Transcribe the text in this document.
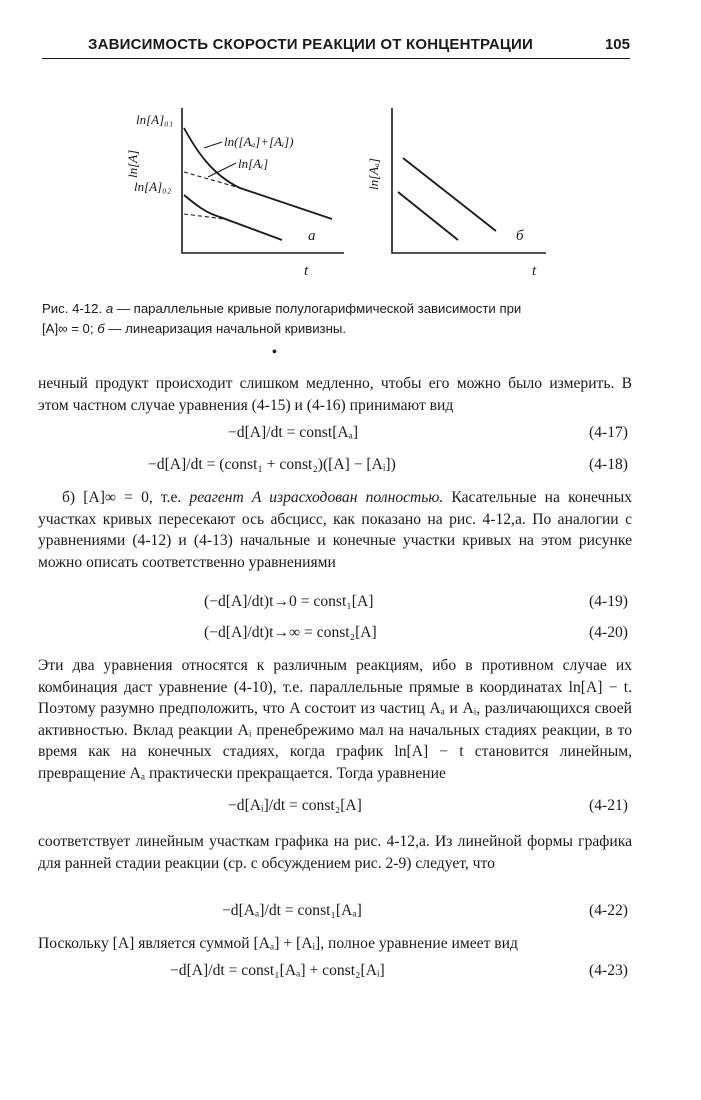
ЗАВИСИМОСТЬ СКОРОСТИ РЕАКЦИИ ОТ КОНЦЕНТРАЦИИ	105
ln[A]₀₁
ln[A]₀₂
ln[A]
ln([Aₐ]+[Aᵢ])
ln[Aᵢ]
а
t
ln[Aₐ]
б
t
Рис. 4-12. а — параллельные кривые полулогарифмической зависимости при
[A]∞ = 0; б — линеаризация начальной кривизны.
•
нечный продукт происходит слишком медленно, чтобы его можно было измерить. В этом частном случае уравнения (4-15) и (4-16) принимают вид
−d[A]/dt = const[Aₐ]	(4-17)
−d[A]/dt = (const₁ + const₂)([A] − [Aᵢ])	(4-18)
б) [A]∞ = 0, т.е. реагент A израсходован полностью. Касательные на конечных участках кривых пересекают ось абсцисс, как показано на рис. 4-12,а. По аналогии с уравнениями (4-12) и (4-13) начальные и конечные участки кривых на этом рисунке можно описать соответственно уравнениями
(−d[A]/dt)t→0 = const₁[A]	(4-19)
(−d[A]/dt)t→∞ = const₂[A]	(4-20)
Эти два уравнения относятся к различным реакциям, ибо в противном случае их комбинация даст уравнение (4-10), т.е. параллельные прямые в координатах ln[A] − t. Поэтому разумно предположить, что A состоит из частиц Aₐ и Aᵢ, различающихся своей активностью. Вклад реакции Aᵢ пренебрежимо мал на начальных стадиях реакции, в то время как на конечных стадиях, когда график ln[A] − t становится линейным, превращение Aₐ практически прекращается. Тогда уравнение
−d[Aᵢ]/dt = const₂[A]	(4-21)
соответствует линейным участкам графика на рис. 4-12,а. Из линейной формы графика для ранней стадии реакции (ср. с обсуждением рис. 2-9) следует, что
−d[Aₐ]/dt = const₁[Aₐ]	(4-22)
Поскольку [A] является суммой [Aₐ] + [Aᵢ], полное уравнение имеет вид
−d[A]/dt = const₁[Aₐ] + const₂[Aᵢ]	(4-23)
